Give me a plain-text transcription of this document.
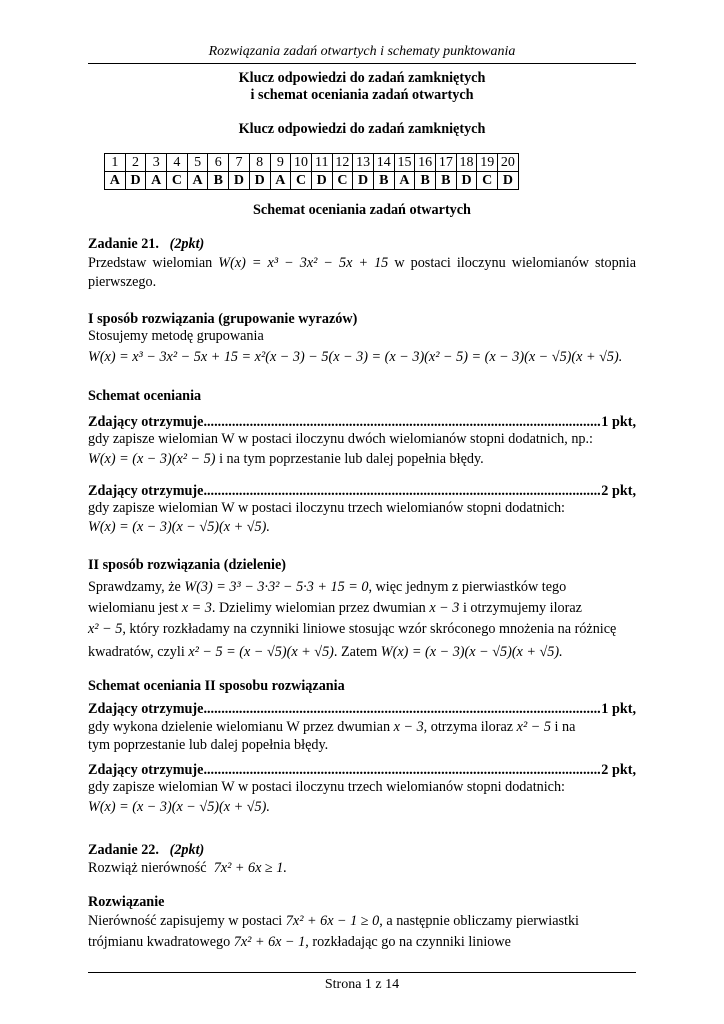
Rozwiązania zadań otwartych i schematy punktowania
Klucz odpowiedzi do zadań zamkniętych
i schemat oceniania zadań otwartych
Klucz odpowiedzi do zadań zamkniętych
1	2	3	4	5	6	7	8	9	10	11	12	13	14	15	16	17	18	19	20
A	D	A	C	A	B	D	D	A	C	D	C	D	B	A	B	B	D	C	D
Schemat oceniania zadań otwartych
Zadanie 21. (2pkt)
Przedstaw wielomian W(x) = x³ − 3x² − 5x + 15 w postaci iloczynu wielomianów stopnia
pierwszego.
I sposób rozwiązania (grupowanie wyrazów)
Stosujemy metodę grupowania
W(x) = x³ − 3x² − 5x + 15 = x²(x − 3) − 5(x − 3) = (x − 3)(x² − 5) = (x − 3)(x − √5)(x + √5).
Schemat oceniania
Zdający otrzymuje .....	1 pkt,
gdy zapisze wielomian W w postaci iloczynu dwóch wielomianów stopni dodatnich, np.:
W(x) = (x − 3)(x² − 5) i na tym poprzestanie lub dalej popełnia błędy.
Zdający otrzymuje .....	2 pkt,
gdy zapisze wielomian W w postaci iloczynu trzech wielomianów stopni dodatnich:
W(x) = (x − 3)(x − √5)(x + √5).
II sposób rozwiązania (dzielenie)
Sprawdzamy, że W(3) = 3³ − 3·3² − 5·3 + 15 = 0, więc jednym z pierwiastków tego
wielomianu jest x = 3. Dzielimy wielomian przez dwumian x − 3 i otrzymujemy iloraz
x² − 5, który rozkładamy na czynniki liniowe stosując wzór skróconego mnożenia na różnicę
kwadratów, czyli x² − 5 = (x − √5)(x + √5). Zatem W(x) = (x − 3)(x − √5)(x + √5).
Schemat oceniania II sposobu rozwiązania
Zdający otrzymuje .....	1 pkt,
gdy wykona dzielenie wielomianu W przez dwumian x − 3, otrzyma iloraz x² − 5 i na
tym poprzestanie lub dalej popełnia błędy.
Zdający otrzymuje .....	2 pkt,
gdy zapisze wielomian W w postaci iloczynu trzech wielomianów stopni dodatnich:
W(x) = (x − 3)(x − √5)(x + √5).
Zadanie 22. (2pkt)
Rozwiąż nierówność 7x² + 6x ≥ 1.
Rozwiązanie
Nierówność zapisujemy w postaci 7x² + 6x − 1 ≥ 0, a następnie obliczamy pierwiastki
trójmianu kwadratowego 7x² + 6x − 1, rozkładając go na czynniki liniowe
Strona 1 z 14
